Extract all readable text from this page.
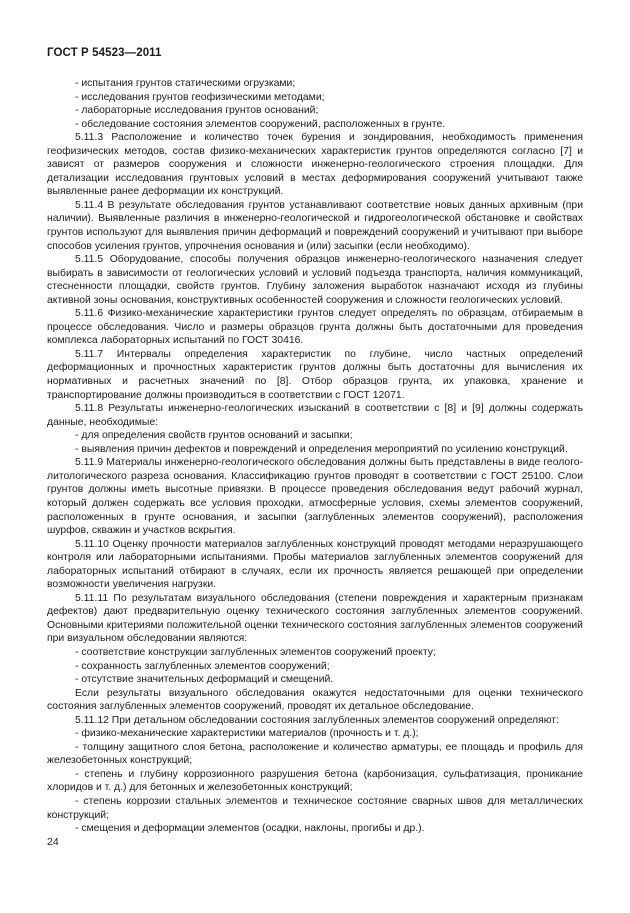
ГОСТ Р 54523—2011

- испытания грунтов статическими огрузками;

- исследования грунтов геофизическими методами;

- лабораторные исследования грунтов оснований;

- обследование состояния элементов сооружений, расположенных в грунте.

5.11.3 Расположение и количество точек бурения и зондирования, необходимость применения геофизических методов, состав физико-механических характеристик грунтов определяются согласно [7] и зависят от размеров сооружения и сложности инженерно-геологического строения площадки. Для детализации исследования грунтовых условий в местах деформирования сооружений учитывают также выявленные ранее деформации их конструкций.

5.11.4 В результате обследования грунтов устанавливают соответствие новых данных архивным (при наличии). Выявленные различия в инженерно-геологической и гидрогеологической обстановке и свойствах грунтов используют для выявления причин деформаций и повреждений сооружений и учитывают при выборе способов усиления грунтов, упрочнения основания и (или) засыпки (если необходимо).

5.11.5 Оборудование, способы получения образцов инженерно-геологического назначения следует выбирать в зависимости от геологических условий и условий подъезда транспорта, наличия коммуникаций, стесненности площадки, свойств грунтов. Глубину заложения выработок назначают исходя из глубины активной зоны основания, конструктивных особенностей сооружения и сложности геологических условий.

5.11.6 Физико-механические характеристики грунтов следует определять по образцам, отбираемым в процессе обследования. Число и размеры образцов грунта должны быть достаточными для проведения комплекса лабораторных испытаний по ГОСТ 30416.

5.11.7 Интервалы определения характеристик по глубине, число частных определений деформационных и прочностных характеристик грунтов должны быть достаточны для вычисления их нормативных и расчетных значений по [8]. Отбор образцов грунта, их упаковка, хранение и транспортирование должны производиться в соответствии с ГОСТ 12071.

5.11.8 Результаты инженерно-геологических изысканий в соответствии с [8] и [9] должны содержать данные, необходимые:

- для определения свойств грунтов оснований и засыпки;

- выявления причин дефектов и повреждений и определения мероприятий по усилению конструкций.

5.11.9 Материалы инженерно-геологического обследования должны быть представлены в виде геолого-литологического разреза основания. Классификацию грунтов проводят в соответствии с ГОСТ 25100. Слои грунтов должны иметь высотные привязки. В процессе проведения обследования ведут рабочий журнал, который должен содержать все условия проходки, атмосферные условия, схемы элементов сооружений, расположенных в грунте основания, и засыпки (заглубленных элементов сооружений), расположения шурфов, скважин и участков вскрытия.

5.11.10 Оценку прочности материалов заглубленных конструкций проводят методами неразрушающего контроля или лабораторными испытаниями. Пробы материалов заглубленных элементов сооружений для лабораторных испытаний отбирают в случаях, если их прочность является решающей при определении возможности увеличения нагрузки.

5.11.11 По результатам визуального обследования (степени повреждения и характерным признакам дефектов) дают предварительную оценку технического состояния заглубленных элементов сооружений. Основными критериями положительной оценки технического состояния заглубленных элементов сооружений при визуальном обследовании являются:

- соответствие конструкции заглубленных элементов сооружений проекту;

- сохранность заглубленных элементов сооружений;

- отсутствие значительных деформаций и смещений.

Если результаты визуального обследования окажутся недостаточными для оценки технического состояния заглубленных элементов сооружений, проводят их детальное обследование.

5.11.12 При детальном обследовании состояния заглубленных элементов сооружений определяют:

- физико-механические характеристики материалов (прочность и т. д.);

- толщину защитного слоя бетона, расположение и количество арматуры, ее площадь и профиль для железобетонных конструкций;

- степень и глубину коррозионного разрушения бетона (карбонизация, сульфатизация, проникание хлоридов и т. д.) для бетонных и железобетонных конструкций;

- степень коррозии стальных элементов и техническое состояние сварных швов для металлических конструкций;

- смещения и деформации элементов (осадки, наклоны, прогибы и др.).

24
